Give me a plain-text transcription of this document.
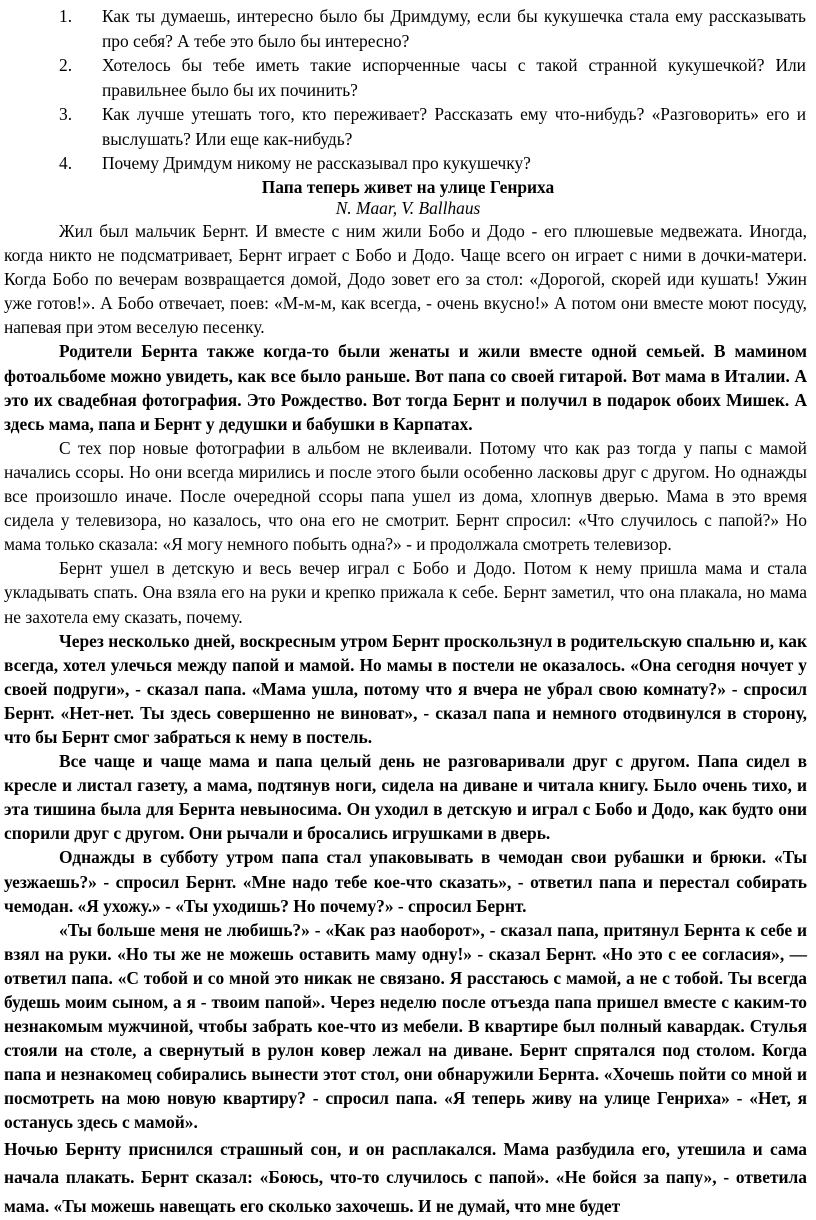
1. Как ты думаешь, интересно было бы Дримдуму, если бы кукушечка стала ему рассказывать про себя? А тебе это было бы интересно?
2. Хотелось бы тебе иметь такие испорченные часы с такой странной кукушечкой? Или правильнее было бы их починить?
3. Как лучше утешать того, кто переживает? Рассказать ему что-нибудь? «Разговорить» его и выслушать? Или еще как-нибудь?
4. Почему Дримдум никому не рассказывал про кукушечку?
Папа теперь живет на улице Генриха
N. Maar, V. Ballhaus

Жил был мальчик Бернт. И вместе с ним жили Бобо и Додо - его плюшевые медвежата. Иногда, когда никто не подсматривает, Бернт играет с Бобо и Додо. Чаще всего он играет с ними в дочки-матери. Когда Бобо по вечерам возвращается домой, Додо зовет его за стол: «Дорогой, скорей иди кушать! Ужин уже готов!». А Бобо отвечает, поев: «М-м-м, как всегда, - очень вкусно!» А потом они вместе моют посуду, напевая при этом веселую песенку.

Родители Бернта также когда-то были женаты и жили вместе одной семьей. В мамином фотоальбоме можно увидеть, как все было раньше. Вот папа со своей гитарой. Вот мама в Италии. А это их свадебная фотография. Это Рождество. Вот тогда Бернт и получил в подарок обоих Мишек. А здесь мама, папа и Бернт у дедушки и бабушки в Карпатах.

С тех пор новые фотографии в альбом не вклеивали. Потому что как раз тогда у папы с мамой начались ссоры. Но они всегда мирились и после этого были особенно ласковы друг с другом. Но однажды все произошло иначе. После очередной ссоры папа ушел из дома, хлопнув дверью. Мама в это время сидела у телевизора, но казалось, что она его не смотрит. Бернт спросил: «Что случилось с папой?» Но мама только сказала: «Я могу немного побыть одна?» - и продолжала смотреть телевизор.

Бернт ушел в детскую и весь вечер играл с Бобо и Додо. Потом к нему пришла мама и стала укладывать спать. Она взяла его на руки и крепко прижала к себе. Бернт заметил, что она плакала, но мама не захотела ему сказать, почему.

Через несколько дней, воскресным утром Бернт проскользнул в родительскую спальню и, как всегда, хотел улечься между папой и мамой. Но мамы в постели не оказалось. «Она сегодня ночует у своей подруги», - сказал папа. «Мама ушла, потому что я вчера не убрал свою комнату?» - спросил Бернт. «Нет-нет. Ты здесь совершенно не виноват», - сказал папа и немного отодвинулся в сторону, что бы Бернт смог забраться к нему в постель.

Все чаще и чаще мама и папа целый день не разговаривали друг с другом. Папа сидел в кресле и листал газету, а мама, подтянув ноги, сидела на диване и читала книгу. Было очень тихо, и эта тишина была для Бернта невыносима. Он уходил в детскую и играл с Бобо и Додо, как будто они спорили друг с другом. Они рычали и бросались игрушками в дверь.

Однажды в субботу утром папа стал упаковывать в чемодан свои рубашки и брюки. «Ты уезжаешь?» - спросил Бернт. «Мне надо тебе кое-что сказать», - ответил папа и перестал собирать чемодан. «Я ухожу.» - «Ты уходишь? Но почему?» - спросил Бернт.

«Ты больше меня не любишь?» - «Как раз наоборот», - сказал папа, притянул Бернта к себе и взял на руки. «Но ты же не можешь оставить маму одну!» - сказал Бернт. «Но это с ее согласия», — ответил папа. «С тобой и со мной это никак не связано. Я расстаюсь с мамой, а не с тобой. Ты всегда будешь моим сыном, а я - твоим папой». Через неделю после отъезда папа пришел вместе с каким-то незнакомым мужчиной, чтобы забрать кое-что из мебели. В квартире был полный кавардак. Стулья стояли на столе, а свернутый в рулон ковер лежал на диване. Бернт спрятался под столом. Когда папа и незнакомец собирались вынести этот стол, они обнаружили Бернта. «Хочешь пойти со мной и посмотреть на мою новую квартиру? - спросил папа. «Я теперь живу на улице Генриха» - «Нет, я останусь здесь с мамой».

Ночью Бернту приснился страшный сон, и он расплакался. Мама разбудила его, утешила и сама начала плакать. Бернт сказал: «Боюсь, что-то случилось с папой». «Не бойся за папу», - ответила мама. «Ты можешь навещать его сколько захочешь. И не думай, что мне будет
